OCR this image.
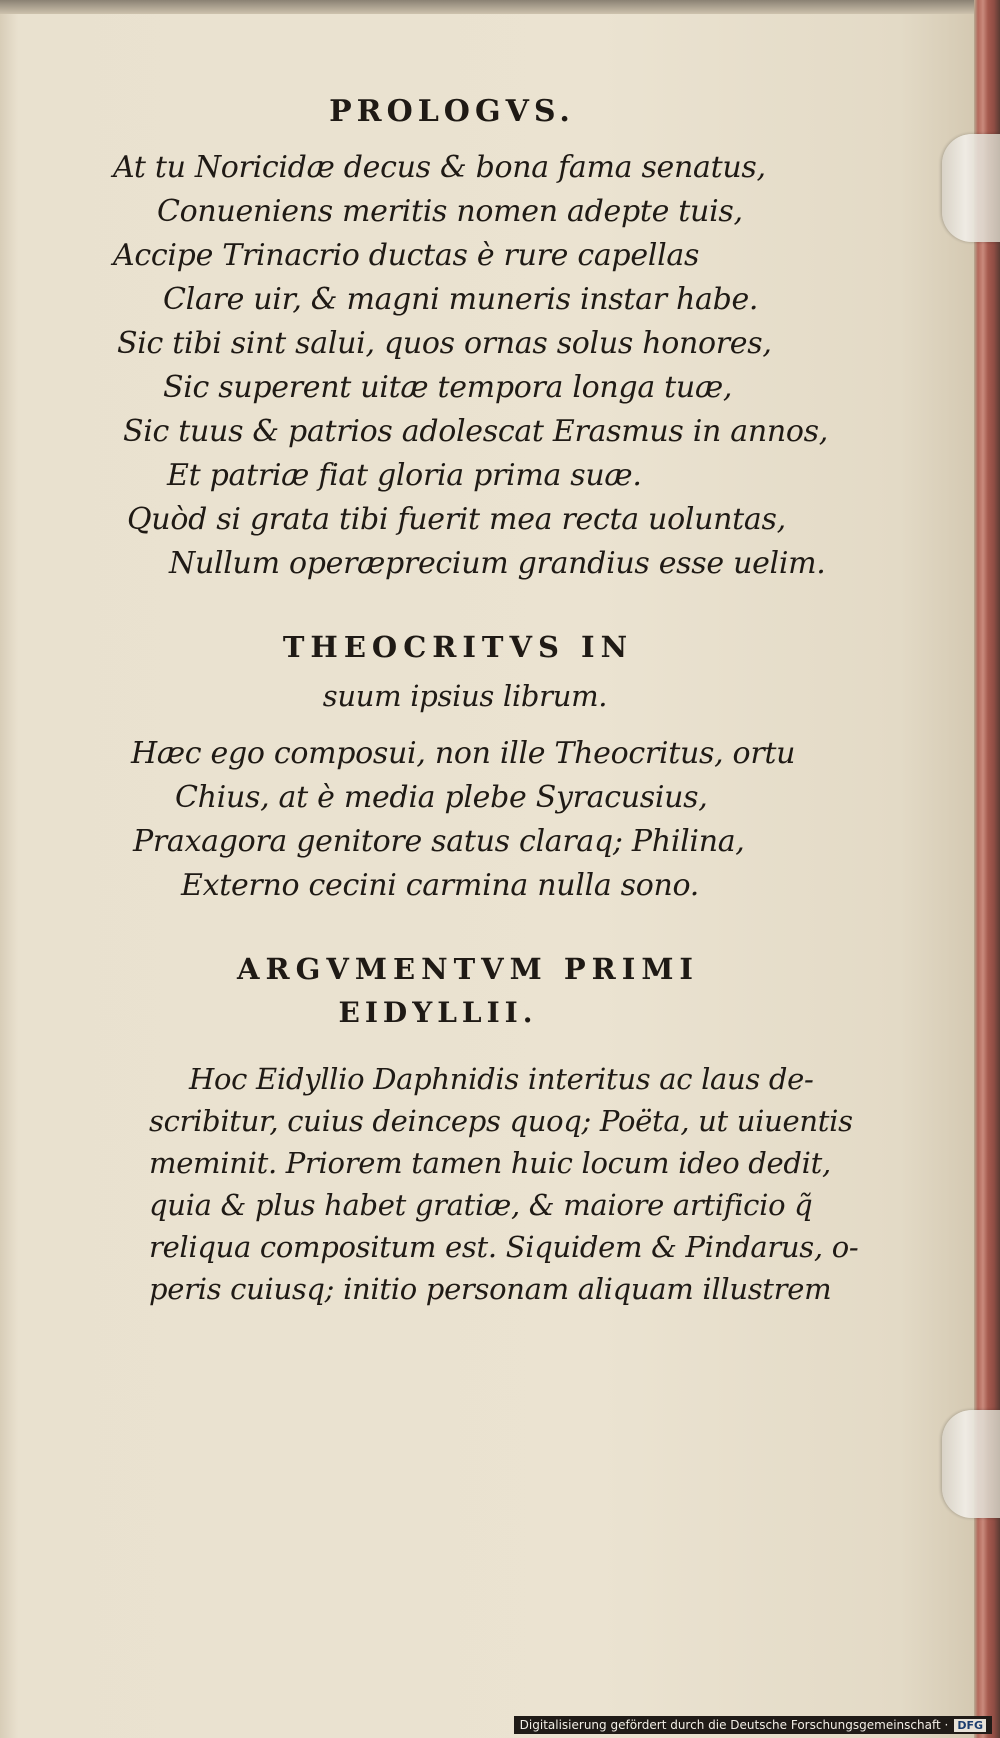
PROLOGVS.
At tu Noricidæ decus & bona fama senatus,
Conueniens meritis nomen adepte tuis,
Accipe Trinacrio ductas è rure capellas
Clare uir, & magni muneris instar habe.
Sic tibi sint salui, quos ornas solus honores,
Sic superent uitæ tempora longa tuæ,
Sic tuus & patrios adolescat Erasmus in annos,
Et patriæ fiat gloria prima suæ.
Quòd si grata tibi fuerit mea recta uoluntas,
Nullum operæprecium grandius esse uelim.
THEOCRITVS IN
suum ipsius librum.
Hæc ego composui, non ille Theocritus, ortu
Chius, at è media plebe Syracusius,
Praxagora genitore satus claraq; Philina,
Externo cecini carmina nulla sono.
ARGVMENTVM PRIMI
EIDYLLII.
Hoc Eidyllio Daphnidis interitus ac laus de-
scribitur, cuius deinceps quoq; Poëta, ut uiuentis
meminit. Priorem tamen huic locum ideo dedit,
quia & plus habet gratiæ, & maiore artificio q̃
reliqua compositum est. Siquidem & Pindarus, o-
peris cuiusq; initio personam aliquam illustrem
Digitalisierung gefördert durch die Deutsche Forschungsgemeinschaft · DFG
